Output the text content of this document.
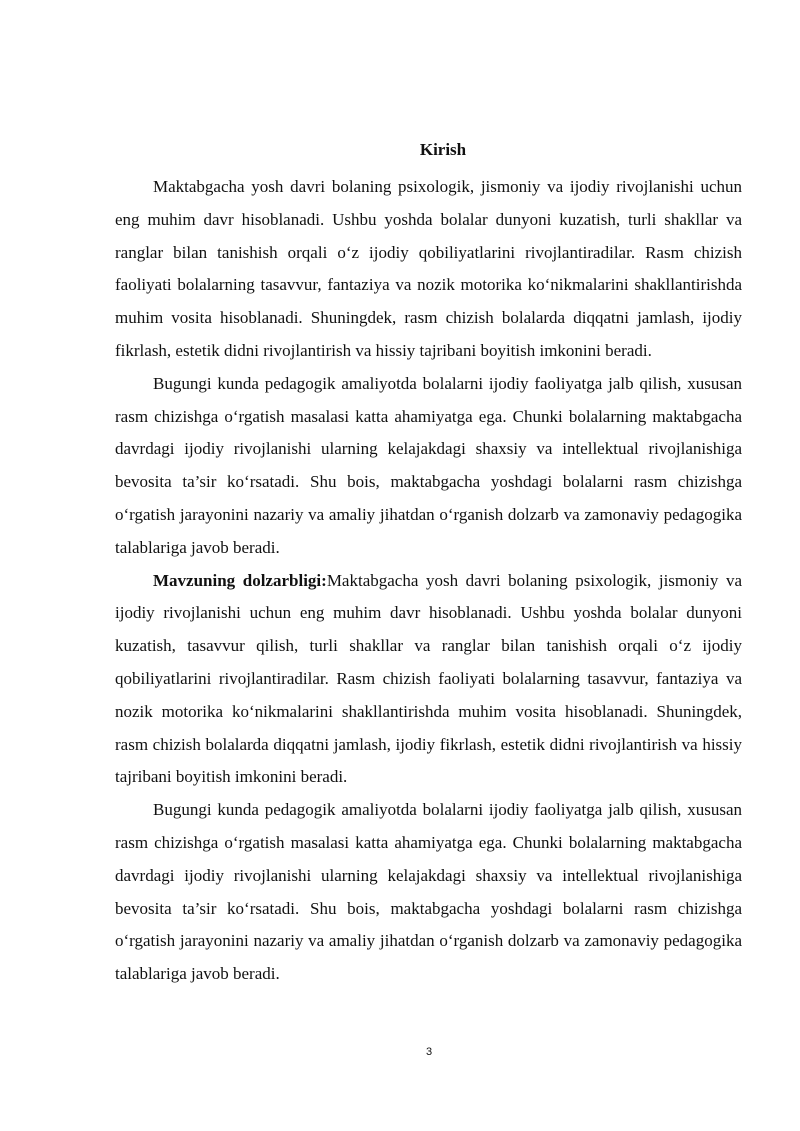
Kirish

Maktabgacha yosh davri bolaning psixologik, jismoniy va ijodiy rivojlanishi uchun eng muhim davr hisoblanadi. Ushbu yoshda bolalar dunyoni kuzatish, turli shakllar va ranglar bilan tanishish orqali o‘z ijodiy qobiliyatlarini rivojlantiradilar. Rasm chizish faoliyati bolalarning tasavvur, fantaziya va nozik motorika ko‘nikmalarini shakllantirishda muhim vosita hisoblanadi. Shuningdek, rasm chizish bolalarda diqqatni jamlash, ijodiy fikrlash, estetik didni rivojlantirish va hissiy tajribani boyitish imkonini beradi.

Bugungi kunda pedagogik amaliyotda bolalarni ijodiy faoliyatga jalb qilish, xususan rasm chizishga o‘rgatish masalasi katta ahamiyatga ega. Chunki bolalarning maktabgacha davrdagi ijodiy rivojlanishi ularning kelajakdagi shaxsiy va intellektual rivojlanishiga bevosita ta’sir ko‘rsatadi. Shu bois, maktabgacha yoshdagi bolalarni rasm chizishga o‘rgatish jarayonini nazariy va amaliy jihatdan o‘rganish dolzarb va zamonaviy pedagogika talablariga javob beradi.

Mavzuning dolzarbligi:Maktabgacha yosh davri bolaning psixologik, jismoniy va ijodiy rivojlanishi uchun eng muhim davr hisoblanadi. Ushbu yoshda bolalar dunyoni kuzatish, tasavvur qilish, turli shakllar va ranglar bilan tanishish orqali o‘z ijodiy qobiliyatlarini rivojlantiradilar. Rasm chizish faoliyati bolalarning tasavvur, fantaziya va nozik motorika ko‘nikmalarini shakllantirishda muhim vosita hisoblanadi. Shuningdek, rasm chizish bolalarda diqqatni jamlash, ijodiy fikrlash, estetik didni rivojlantirish va hissiy tajribani boyitish imkonini beradi.

Bugungi kunda pedagogik amaliyotda bolalarni ijodiy faoliyatga jalb qilish, xususan rasm chizishga o‘rgatish masalasi katta ahamiyatga ega. Chunki bolalarning maktabgacha davrdagi ijodiy rivojlanishi ularning kelajakdagi shaxsiy va intellektual rivojlanishiga bevosita ta’sir ko‘rsatadi. Shu bois, maktabgacha yoshdagi bolalarni rasm chizishga o‘rgatish jarayonini nazariy va amaliy jihatdan o‘rganish dolzarb va zamonaviy pedagogika talablariga javob beradi.

3
